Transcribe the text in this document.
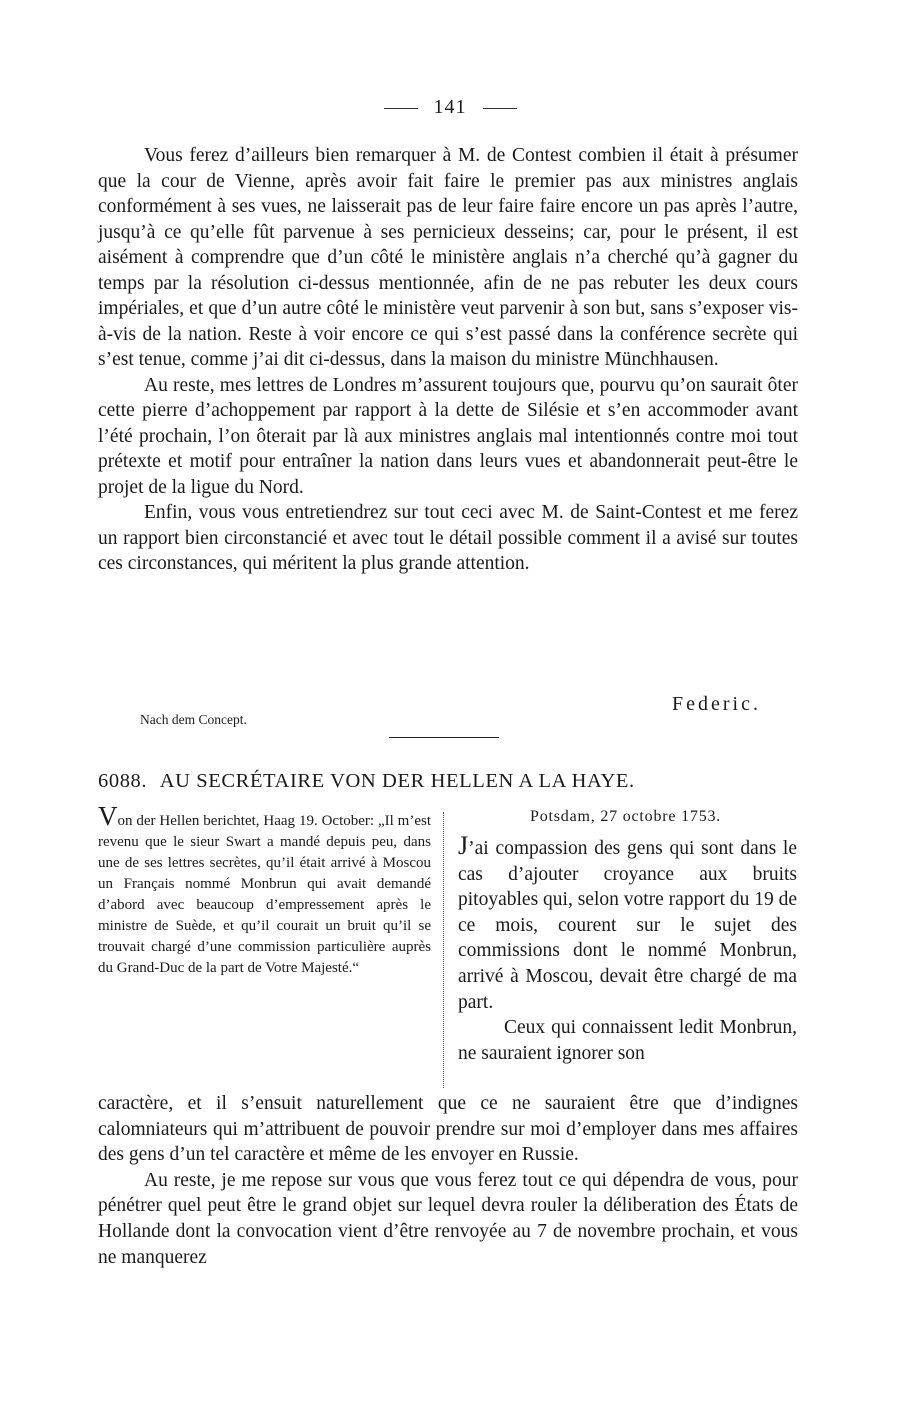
141

Vous ferez d’ailleurs bien remarquer à M. de Contest combien il était à présumer que la cour de Vienne, après avoir fait faire le premier pas aux ministres anglais conformément à ses vues, ne laisserait pas de leur faire faire encore un pas après l’autre, jusqu’à ce qu’elle fût parvenue à ses pernicieux desseins; car, pour le présent, il est aisément à comprendre que d’un côté le ministère anglais n’a cherché qu’à gagner du temps par la résolution ci-dessus mentionnée, afin de ne pas rebuter les deux cours impériales, et que d’un autre côté le ministère veut parvenir à son but, sans s’exposer vis-à-vis de la nation. Reste à voir encore ce qui s’est passé dans la conférence secrète qui s’est tenue, comme j’ai dit ci-dessus, dans la maison du ministre Münchhausen.

Au reste, mes lettres de Londres m’assurent toujours que, pourvu qu’on saurait ôter cette pierre d’achoppement par rapport à la dette de Silésie et s’en accommoder avant l’été prochain, l’on ôterait par là aux ministres anglais mal intentionnés contre moi tout prétexte et motif pour entraîner la nation dans leurs vues et abandonnerait peut-être le projet de la ligue du Nord.

Enfin, vous vous entretiendrez sur tout ceci avec M. de Saint-Contest et me ferez un rapport bien circonstancié et avec tout le détail possible comment il a avisé sur toutes ces circonstances, qui méritent la plus grande attention.

Federic.
Nach dem Concept.
6088. AU SECRÉTAIRE VON DER HELLEN A LA HAYE.
Von der Hellen berichtet, Haag 19. October: „Il m’est revenu que le sieur Swart a mandé depuis peu, dans une de ses lettres secrètes, qu’il était arrivé à Moscou un Français nommé Monbrun qui avait demandé d’abord avec beaucoup d’empressement après le ministre de Suède, et qu’il courait un bruit qu’il se trouvait chargé d’une commission particulière auprès du Grand-Duc de la part de Votre Majesté.“
Potsdam, 27 octobre 1753.

J’ai compassion des gens qui sont dans le cas d’ajouter croyance aux bruits pitoyables qui, selon votre rapport du 19 de ce mois, courent sur le sujet des commissions dont le nommé Monbrun, arrivé à Moscou, devait être chargé de ma part.

Ceux qui connaissent ledit Monbrun, ne sauraient ignorer son

caractère, et il s’ensuit naturellement que ce ne sauraient être que d’indignes calomniateurs qui m’attribuent de pouvoir prendre sur moi d’employer dans mes affaires des gens d’un tel caractère et même de les envoyer en Russie.

Au reste, je me repose sur vous que vous ferez tout ce qui dépendra de vous, pour pénétrer quel peut être le grand objet sur lequel devra rouler la déliberation des États de Hollande dont la convocation vient d’être renvoyée au 7 de novembre prochain, et vous ne manquerez
